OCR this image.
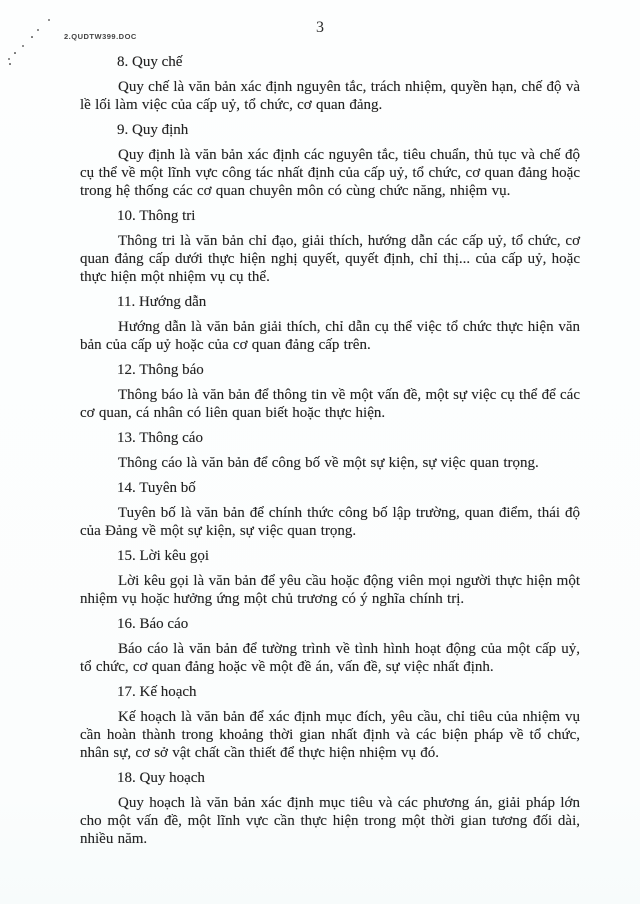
2.QUDTW399.DOC
3
8. Quy chế

Quy chế là văn bản xác định nguyên tắc, trách nhiệm, quyền hạn, chế độ và lề lối làm việc của cấp uỷ, tổ chức, cơ quan đảng.

9. Quy định

Quy định là văn bản xác định các nguyên tắc, tiêu chuẩn, thủ tục và chế độ cụ thể về một lĩnh vực công tác nhất định của cấp uỷ, tổ chức, cơ quan đảng hoặc trong hệ thống các cơ quan chuyên môn có cùng chức năng, nhiệm vụ.

10. Thông tri

Thông tri là văn bản chỉ đạo, giải thích, hướng dẫn các cấp uỷ, tổ chức, cơ quan đảng cấp dưới thực hiện nghị quyết, quyết định, chỉ thị... của cấp uỷ, hoặc thực hiện một nhiệm vụ cụ thể.

11. Hướng dẫn

Hướng dẫn là văn bản giải thích, chỉ dẫn cụ thể việc tổ chức thực hiện văn bản của cấp uỷ hoặc của cơ quan đảng cấp trên.

12. Thông báo

Thông báo là văn bản để thông tin về một vấn đề, một sự việc cụ thể để các cơ quan, cá nhân có liên quan biết hoặc thực hiện.

13. Thông cáo

Thông cáo là văn bản để công bố về một sự kiện, sự việc quan trọng.

14. Tuyên bố

Tuyên bố là văn bản để chính thức công bố lập trường, quan điểm, thái độ của Đảng về một sự kiện, sự việc quan trọng.

15. Lời kêu gọi

Lời kêu gọi là văn bản để yêu cầu hoặc động viên mọi người thực hiện một nhiệm vụ hoặc hưởng ứng một chủ trương có ý nghĩa chính trị.

16. Báo cáo

Báo cáo là văn bản để tường trình về tình hình hoạt động của một cấp uỷ, tổ chức, cơ quan đảng hoặc về một đề án, vấn đề, sự việc nhất định.

17. Kế hoạch

Kế hoạch là văn bản để xác định mục đích, yêu cầu, chỉ tiêu của nhiệm vụ cần hoàn thành trong khoảng thời gian nhất định và các biện pháp về tổ chức, nhân sự, cơ sở vật chất cần thiết để thực hiện nhiệm vụ đó.

18. Quy hoạch

Quy hoạch là văn bản xác định mục tiêu và các phương án, giải pháp lớn cho một vấn đề, một lĩnh vực cần thực hiện trong một thời gian tương đối dài, nhiều năm.
